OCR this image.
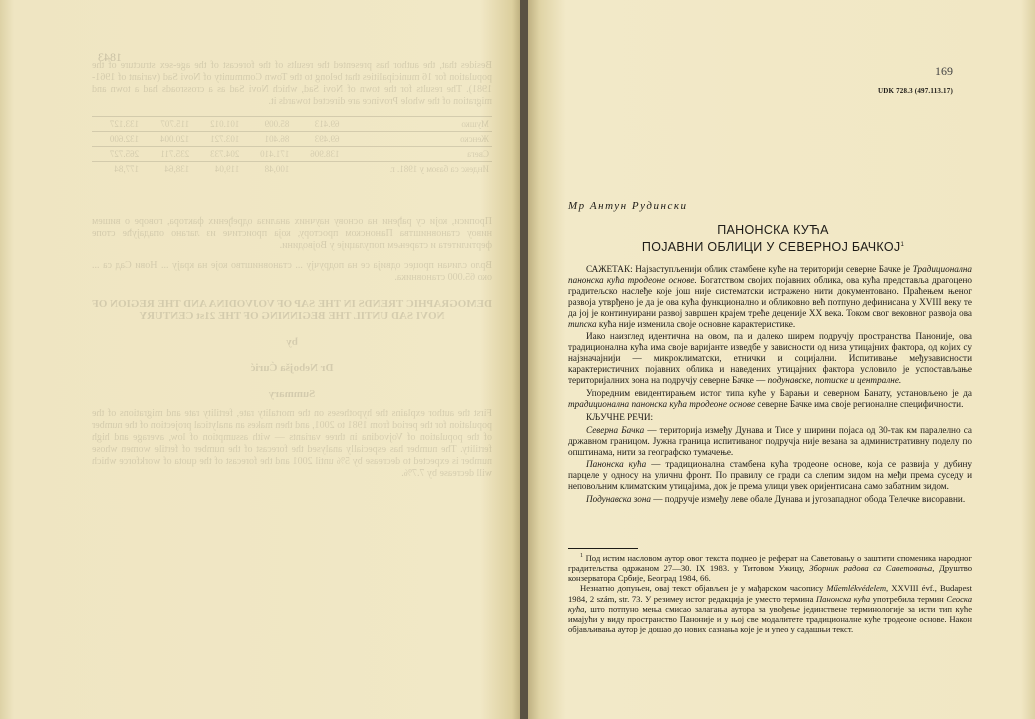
1843
Besides that, the author has presented the results of the forecast of the age-sex structure of the population for 16 municipalities that belong to the Town Community of Novi Sad (variant of 1961-1981). The results for the town of Novi Sad, which Novi Sad as a crossroads had a town and migration of the whole Province are directed towards it.
Мушко	69.413	85.009	101.012	115.707	133.127
Женско	69.493	86.401	103.721	120.004	132.600
Свега	138.906	171.410	204.733	235.711	265.727
Индекс са базом у 1981. г.		100,48	119,04	138,64	177,84
Прописи, који су рађени на основу научних анализа одређених фактора, говоре о вишем нивоу становништва Панонском простору, која проистиче из лагано опадајуће стопе фертилитета и старењем популације у Војводини.
Врло сличан процес одвија се на подручју ... становништво које на крају ... Нови Сад са ... око 65.000 становника.
DEMOGRAPHIC TRENDS IN THE SAP OF VOJVODINA AND THE REGION OF NOVI SAD UNTIL THE BEGINNING OF THE 21st CENTURY
by
Dr Nebojša Ćurić
Summary
First the author explains the hypotheses on the mortality rate, fertility rate and migrations of the population for the period from 1981 to 2001, and then makes an analytical projection of the number of the population of Vojvodina in three variants — with assumption of low, average and high fertility. The number has especially analysed the forecast of the number of fertile women whose number is expected to decrease by 5% until 2001 and the forecast of the quota of workforce which will decrease by 7.7%.
169
UDK 728.3 (497.113.17)
Мр Антун Рудински
ПАНОНСКА КУЋА
ПОЈАВНИ ОБЛИЦИ У СЕВЕРНОЈ БАЧКОЈ$^1$

САЖЕТАК: Најзаступљенији облик стамбене куће на територији северне Бачке је Традиционална панонска кућа тродеоне основе. Богатством својих појавних облика, ова кућа представља драгоцено градитељско наслеђе које још није систематски истражено нити документовано. Праћењем њеног развоја утврђено је да је ова кућа функционално и обликовно већ потпуно дефинисана у XVIII веку те да јој је континуирани развој завршен крајем треће деценије XX века. Током свог вековног развоја ова типска кућа није изменила своје основне карактеристике.

Иако наизглед идентична на овом, па и далеко ширем подручју пространства Паноније, ова традиционална кућа има своје варијанте изведбе у зависности од низа утицајних фактора, од којих су најзначајнији — микроклиматски, етнички и социјални. Испитивање међузависности карактеристичних појавних облика и наведених утицајних фактора условило је успостављање територијалних зона на подручју северне Бачке — подунавске, потиске и централне.

Упоредним евидентирањем истог типа куће у Барањи и северном Банату, установљено је да традиционална панонска кућа тродеоне основе северне Бачке има своје регионалне специфичности.

КЉУЧНЕ РЕЧИ:

Северна Бачка — територија између Дунава и Тисе у ширини појаса од 30-так км паралелно са државном границом. Јужна граница испитиваног подручја није везана за административну поделу по општинама, нити за географско тумачење.

Панонска кућа — традиционална стамбена кућа тродеоне основе, која се развија у дубину парцеле у односу на уличнu фронт. По правилу се гради са слепим зидом на међи према суседу и неповољним климатским утицајима, док је према улици увек оријентисана само забатним зидом.

Подунавска зона — подручје између леве обале Дунава и југозападног обода Телечке висоравни.

$^1$ Под истим насловом аутор овог текста поднео је реферат на Саветовању о заштити споменика народног градитељства одржаном 27—30. IX 1983. у Титовом Ужицу, Зборник радова са Саветовања, Друштво конзерватора Србије, Београд 1984, 66.

Незнатно допуњен, овај текст објављен је у мађарском часопису Műemlékvédelem, XXVIII évf., Budapest 1984, 2 szám, str. 73. У резимеу истог редакција је уместо термина Панонска кућа употребила термин Сеоска кућа, што потпуно мења смисао залагања аутора за увођење јединствене терминологије за исти тип куће имајући у виду пространство Паноније и у њој све модалитете традиционалне куће тродеоне основе. Након објављивања аутор је дошао до нових сазнања које је и уneo у садашњи текст.
